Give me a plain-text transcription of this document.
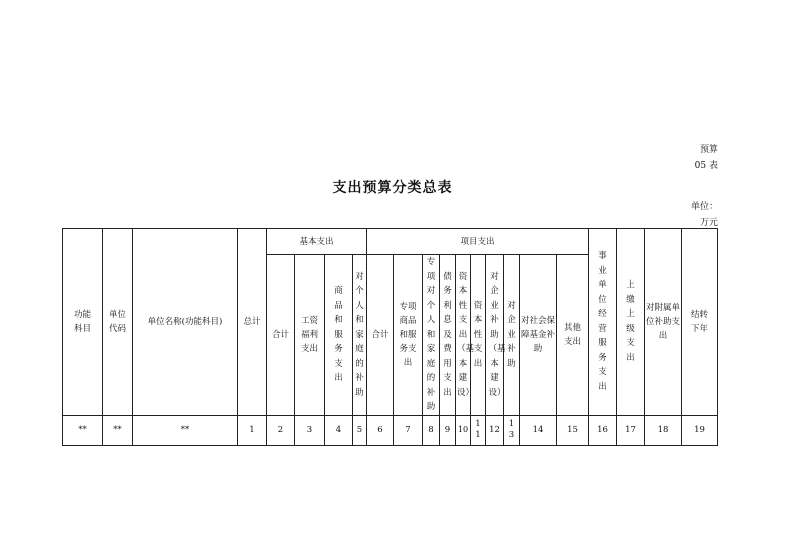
预算
05 表
支出预算分类总表
单位：
万元
功能科目	单位代码	单位名称(功能科目)	总计	基本支出				项目支出										事业单位经营服务支出	上缴上级支出	对附属单位补助支出	结转下年
				合计	工资福利支出	商品和服务支出	对个人和家庭的补助	合计	专项商品和服务支出	专项对个人和家庭的补助	债务利息及费用支出	资本性支出（基本建设）	资本性支出	对企业补助（基本建设）	对企业补助	对社会保障基金补助	其他支出				
**	**	**	1	2	3	4	5	6	7	8	9	10	11	12	13	14	15	16	17	18	19
